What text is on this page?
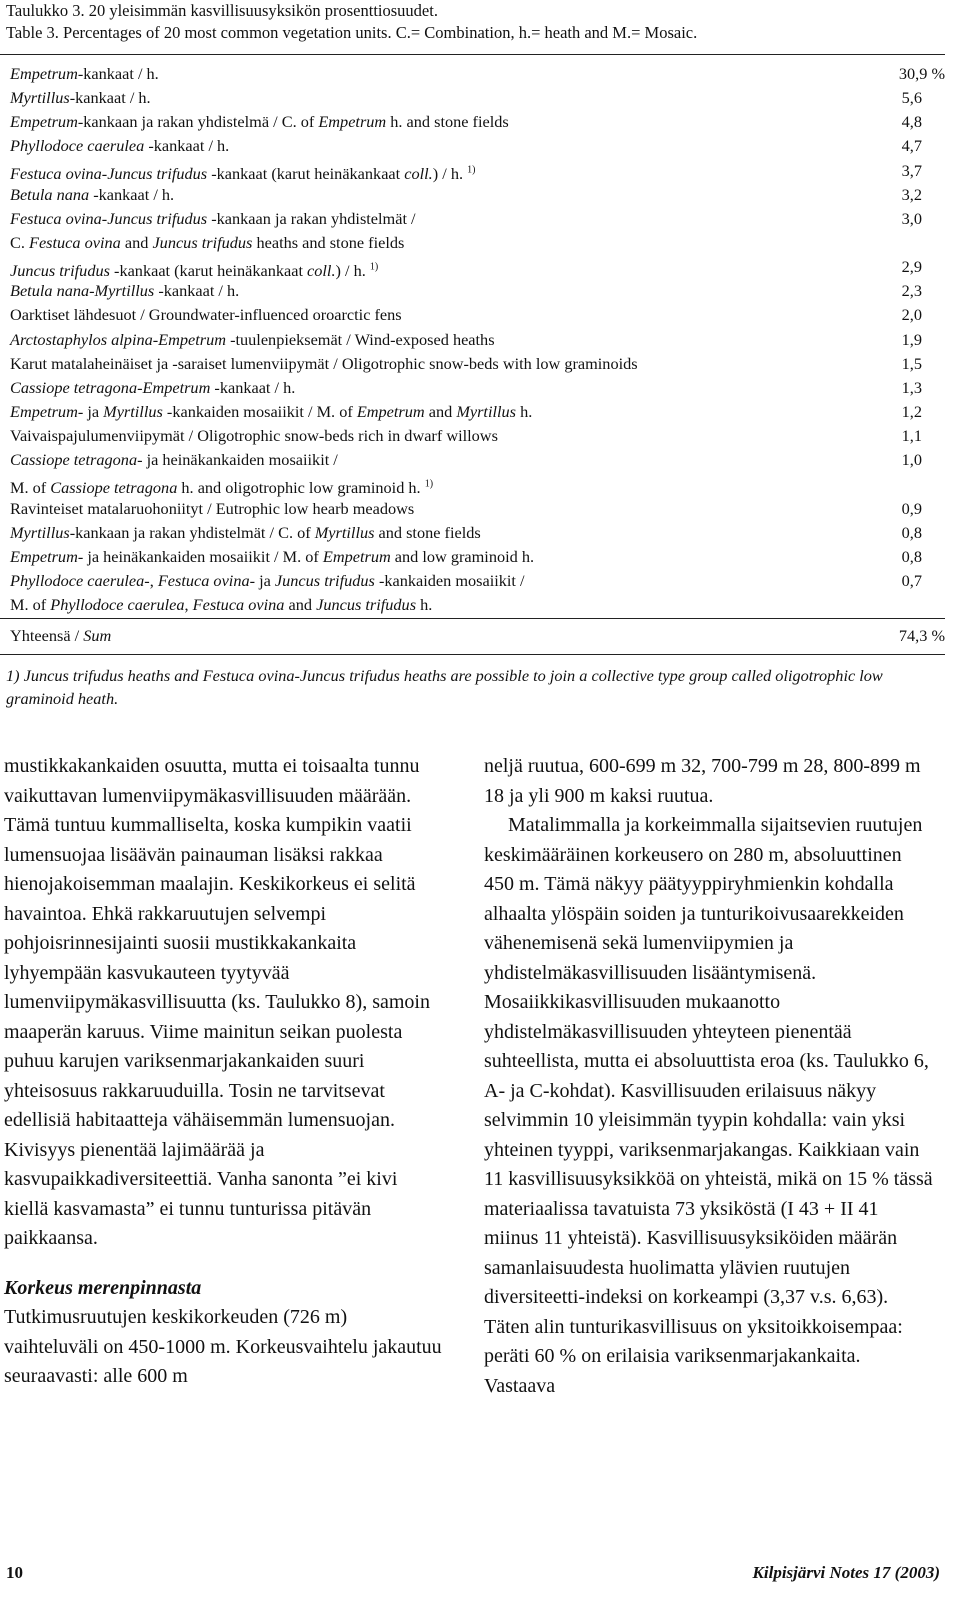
Taulukko 3. 20 yleisimmän kasvillisuusyksikön prosenttiosuudet.
Table 3. Percentages of 20 most common vegetation units. C.= Combination, h.= heath and M.= Mosaic.
Empetrum-kankaat / h.	30,9 %
Myrtillus-kankaat / h.	5,6
Empetrum-kankaan ja rakan yhdistelmä / C. of Empetrum h. and stone fields	4,8
Phyllodoce caerulea -kankaat / h.	4,7
Festuca ovina-Juncus trifudus -kankaat (karut heinäkankaat coll.) / h. $^{1)}$	3,7
Betula nana -kankaat / h.	3,2
Festuca ovina-Juncus trifudus -kankaan ja rakan yhdistelmät /	3,0
C. Festuca ovina and Juncus trifudus heaths and stone fields
Juncus trifudus -kankaat (karut heinäkankaat coll.) / h. $^{1)}$	2,9
Betula nana-Myrtillus -kankaat / h.	2,3
Oarktiset lähdesuot / Groundwater-influenced oroarctic fens	2,0
Arctostaphylos alpina-Empetrum -tuulenpieksemät / Wind-exposed heaths	1,9
Karut matalaheinäiset ja -saraiset lumenviipymät / Oligotrophic snow-beds with low graminoids	1,5
Cassiope tetragona-Empetrum -kankaat / h.	1,3
Empetrum- ja Myrtillus -kankaiden mosaiikit / M. of Empetrum and Myrtillus h.	1,2
Vaivaispajulumenviipymät / Oligotrophic snow-beds rich in dwarf willows	1,1
Cassiope tetragona- ja heinäkankaiden mosaiikit /	1,0
M. of Cassiope tetragona h. and oligotrophic low graminoid h. $^{1)}$
Ravinteiset matalaruohoniityt / Eutrophic low hearb meadows	0,9
Myrtillus-kankaan ja rakan yhdistelmät / C. of Myrtillus and stone fields	0,8
Empetrum- ja heinäkankaiden mosaiikit / M. of Empetrum and low graminoid h.	0,8
Phyllodoce caerulea-, Festuca ovina- ja Juncus trifudus -kankaiden mosaiikit /	0,7
M. of Phyllodoce caerulea, Festuca ovina and Juncus trifudus h.
Yhteensä / Sum	74,3 %
1) Juncus trifudus heaths and Festuca ovina-Juncus trifudus heaths are possible to join a collective type group called oligotrophic low graminoid heath.

mustikkakankaiden osuutta, mutta ei toisaalta tunnu vaikuttavan lumenviipymäkasvillisuuden määrään. Tämä tuntuu kummalliselta, koska kumpikin vaatii lumensuojaa lisäävän painauman lisäksi rakkaa hienojakoisemman maalajin. Keskikorkeus ei selitä havaintoa. Ehkä rakkaruutujen selvempi pohjoisrinnesijainti suosii mustikkakankaita lyhyempään kasvukauteen tyytyvää lumenviipymäkasvillisuutta (ks. Taulukko 8), samoin maaperän karuus. Viime mainitun seikan puolesta puhuu karujen variksenmarjakankaiden suuri yhteisosuus rakkaruuduilla. Tosin ne tarvitsevat edellisiä habitaatteja vähäisemmän lumensuojan. Kivisyys pienentää lajimäärää ja kasvupaikkadiversiteettiä. Vanha sanonta ”ei kivi kiellä kasvamasta” ei tunnu tunturissa pitävän paikkaansa.

Korkeus merenpinnasta

Tutkimusruutujen keskikorkeuden (726 m) vaihteluväli on 450-1000 m. Korkeusvaihtelu jakautuu seuraavasti: alle 600 m

neljä ruutua, 600-699 m 32, 700-799 m 28, 800-899 m 18 ja yli 900 m kaksi ruutua.

Matalimmalla ja korkeimmalla sijaitsevien ruutujen keskimääräinen korkeusero on 280 m, absoluuttinen 450 m. Tämä näkyy päätyyppiryhmienkin kohdalla alhaalta ylöspäin soiden ja tunturikoivusaarekkeiden vähenemisenä sekä lumenviipymien ja yhdistelmäkasvillisuuden lisääntymisenä. Mosaiikkikasvillisuuden mukaanotto yhdistelmäkasvillisuuden yhteyteen pienentää suhteellista, mutta ei absoluuttista eroa (ks. Taulukko 6, A- ja C-kohdat). Kasvillisuuden erilaisuus näkyy selvimmin 10 yleisimmän tyypin kohdalla: vain yksi yhteinen tyyppi, variksenmarjakangas. Kaikkiaan vain 11 kasvillisuusyksikköä on yhteistä, mikä on 15 % tässä materiaalissa tavatuista 73 yksiköstä (I 43 + II 41 miinus 11 yhteistä). Kasvillisuusyksiköiden määrän samanlaisuudesta huolimatta ylävien ruutujen diversiteetti-indeksi on korkeampi (3,37 v.s. 6,63). Täten alin tunturikasvillisuus on yksitoikkoisempaa: peräti 60 % on erilaisia variksenmarjakankaita. Vastaava

10	Kilpisjärvi Notes 17 (2003)
